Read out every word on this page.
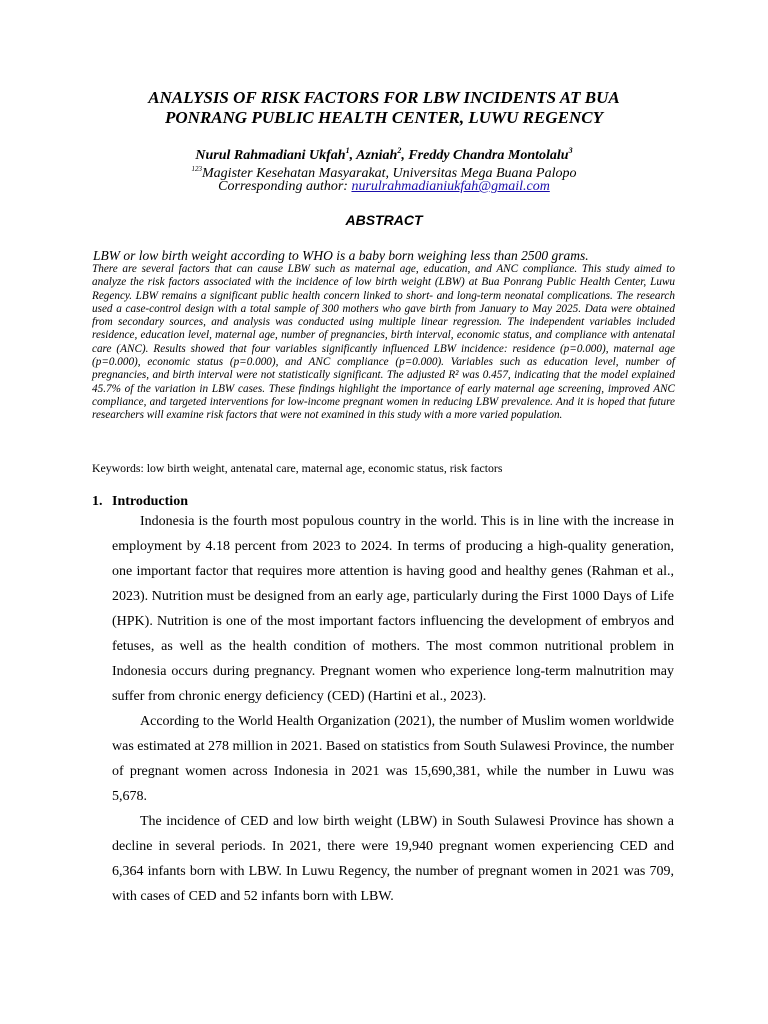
ANALYSIS OF RISK FACTORS FOR LBW INCIDENTS AT BUA
PONRANG PUBLIC HEALTH CENTER, LUWU REGENCY
Nurul Rahmadiani Ukfah$^1$, Azniah$^2$, Freddy Chandra Montolalu$^3$
$^{123}$Magister Kesehatan Masyarakat, Universitas Mega Buana Palopo
Corresponding author: nurulrahmadianiukfah@gmail.com
ABSTRACT
LBW or low birth weight according to WHO is a baby born weighing less than 2500 grams.
There are several factors that can cause LBW such as maternal age, education, and ANC compliance. This study aimed to analyze the risk factors associated with the incidence of low birth weight (LBW) at Bua Ponrang Public Health Center, Luwu Regency. LBW remains a significant public health concern linked to short- and long-term neonatal complications. The research used a case-control design with a total sample of 300 mothers who gave birth from January to May 2025. Data were obtained from secondary sources, and analysis was conducted using multiple linear regression. The independent variables included residence, education level, maternal age, number of pregnancies, birth interval, economic status, and compliance with antenatal care (ANC). Results showed that four variables significantly influenced LBW incidence: residence (p=0.000), maternal age (p=0.000), economic status (p=0.000), and ANC compliance (p=0.000). Variables such as education level, number of pregnancies, and birth interval were not statistically significant. The adjusted R² was 0.457, indicating that the model explained 45.7% of the variation in LBW cases. These findings highlight the importance of early maternal age screening, improved ANC compliance, and targeted interventions for low-income pregnant women in reducing LBW prevalence. And it is hoped that future researchers will examine risk factors that were not examined in this study with a more varied population.
Keywords: low birth weight, antenatal care, maternal age, economic status, risk factors
1. Introduction

Indonesia is the fourth most populous country in the world. This is in line with the increase in employment by 4.18 percent from 2023 to 2024. In terms of producing a high-quality generation, one important factor that requires more attention is having good and healthy genes (Rahman et al., 2023). Nutrition must be designed from an early age, particularly during the First 1000 Days of Life (HPK). Nutrition is one of the most important factors influencing the development of embryos and fetuses, as well as the health condition of mothers. The most common nutritional problem in Indonesia occurs during pregnancy. Pregnant women who experience long-term malnutrition may suffer from chronic energy deficiency (CED) (Hartini et al., 2023).

According to the World Health Organization (2021), the number of Muslim women worldwide was estimated at 278 million in 2021. Based on statistics from South Sulawesi Province, the number of pregnant women across Indonesia in 2021 was 15,690,381, while the number in Luwu was 5,678.

The incidence of CED and low birth weight (LBW) in South Sulawesi Province has shown a decline in several periods. In 2021, there were 19,940 pregnant women experiencing CED and 6,364 infants born with LBW. In Luwu Regency, the number of pregnant women in 2021 was 709, with cases of CED and 52 infants born with LBW.
